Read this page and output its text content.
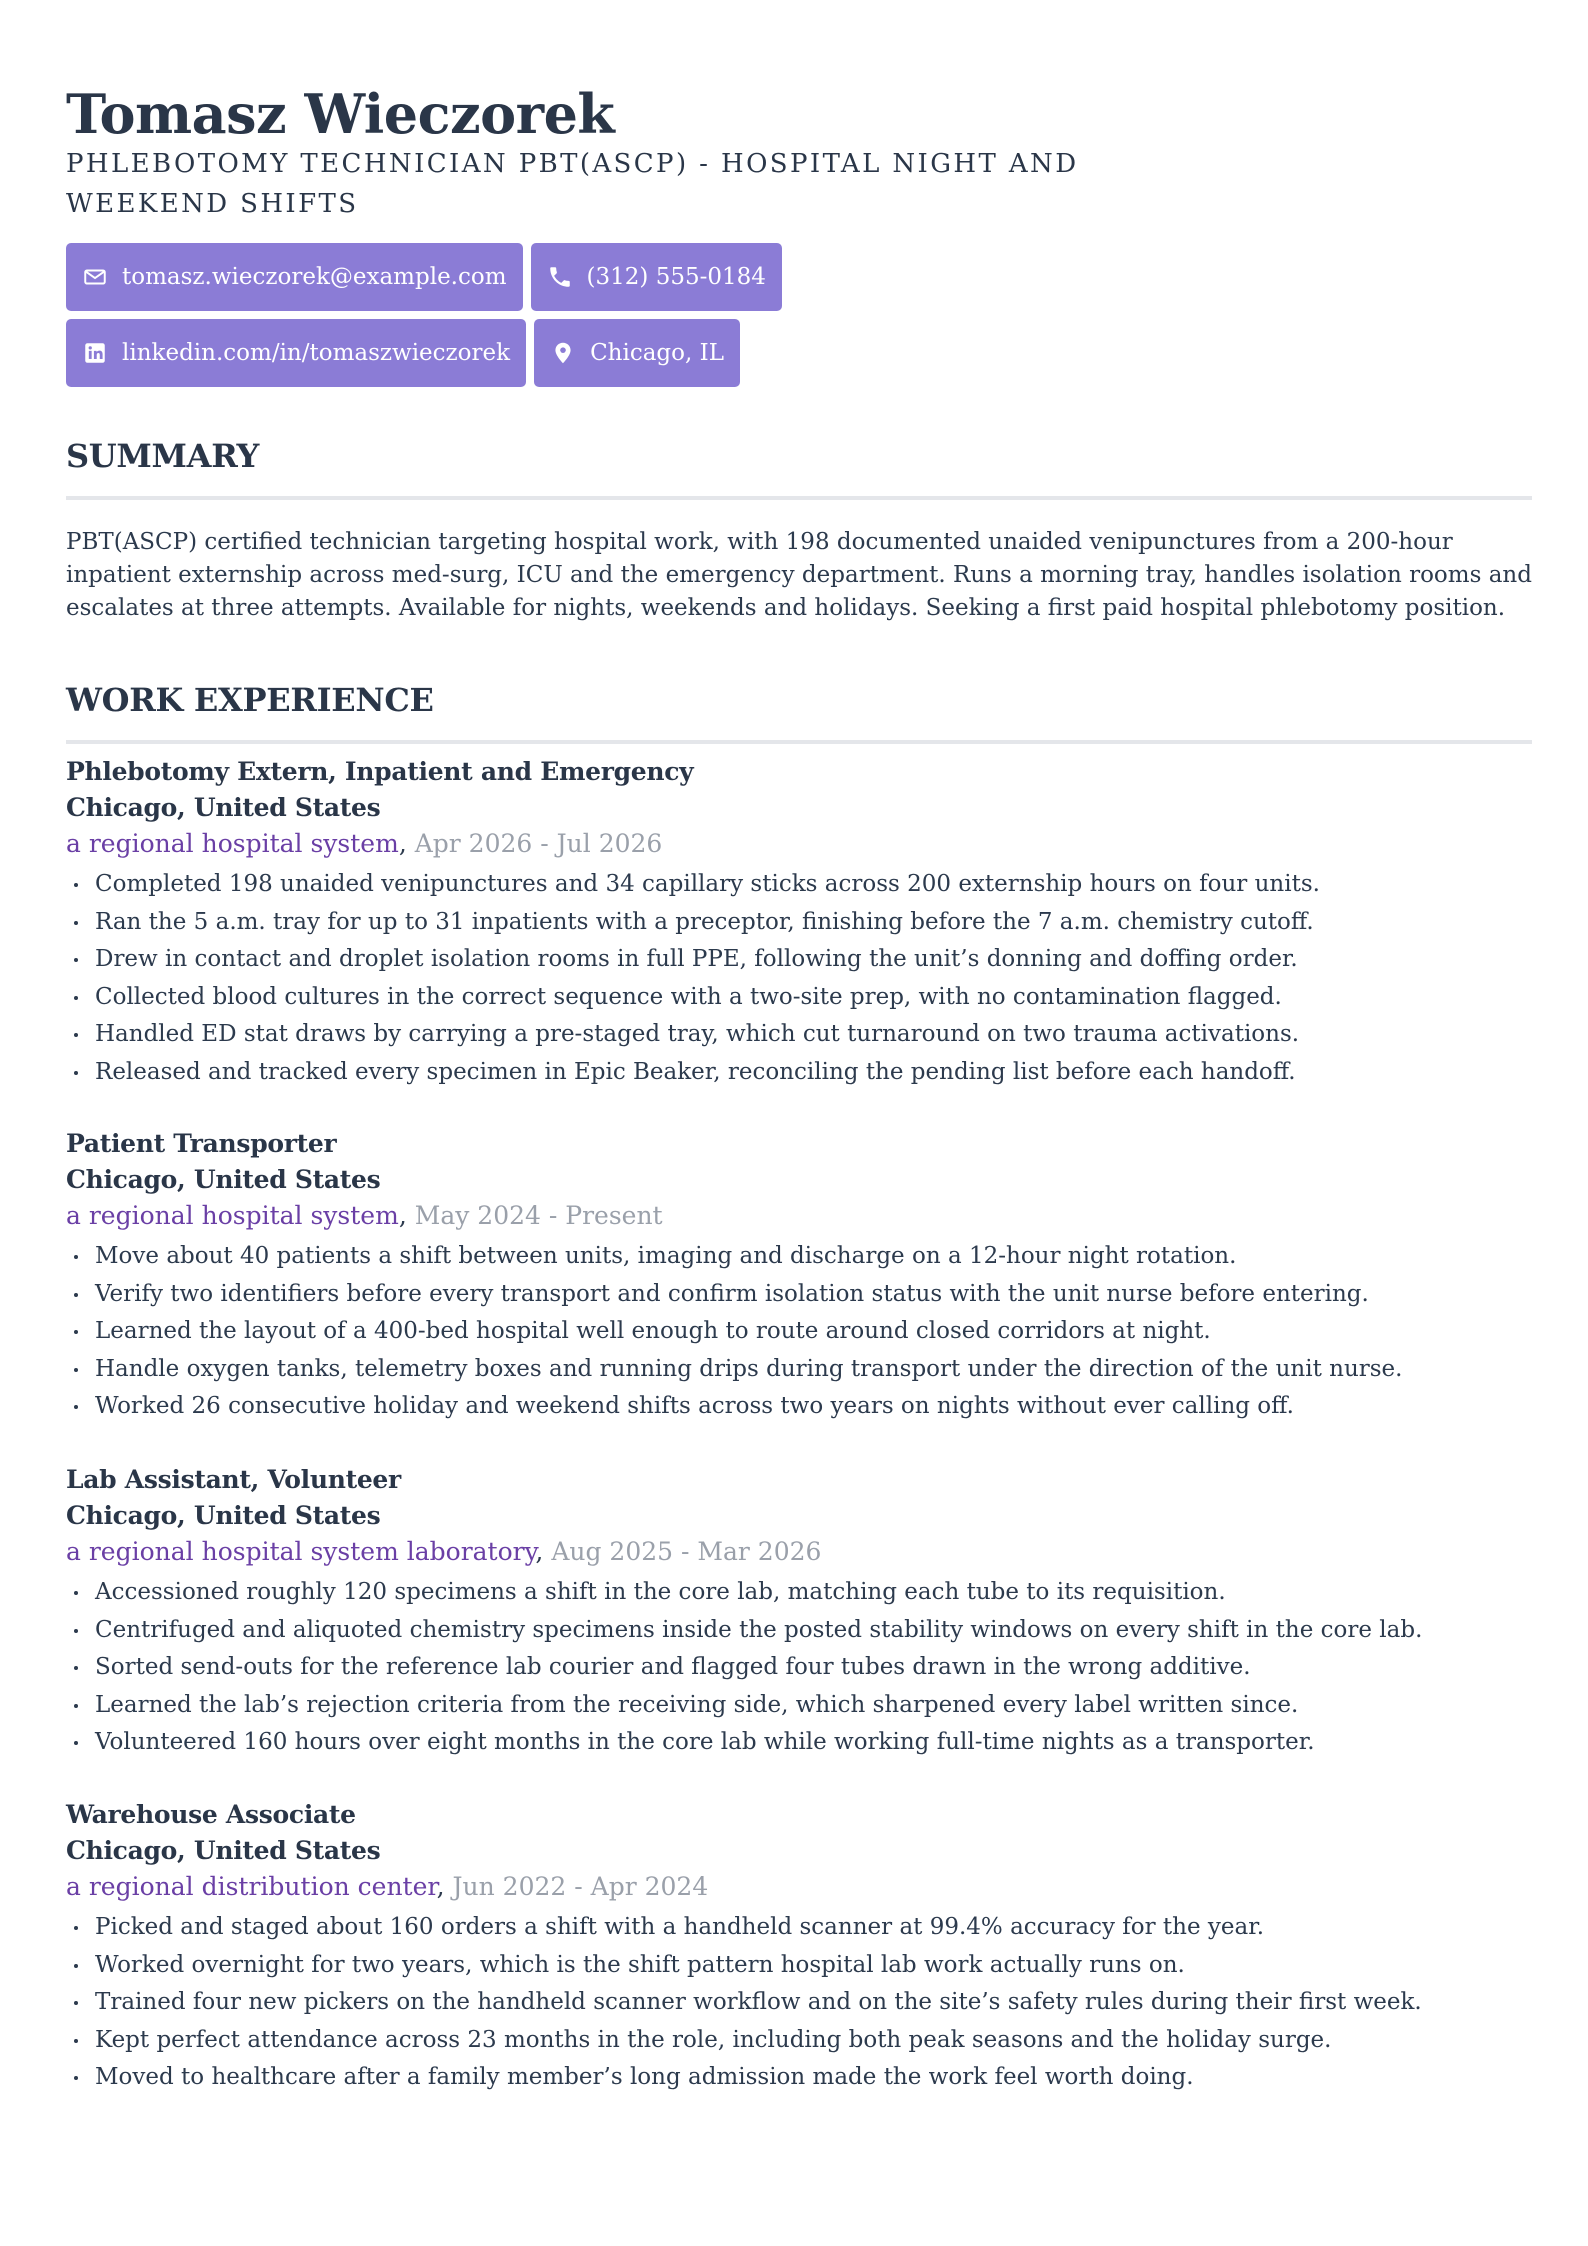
Tomasz Wieczorek

PHLEBOTOMY TECHNICIAN PBT(ASCP) - HOSPITAL NIGHT AND WEEKEND SHIFTS

tomasz.wieczorek@example.com	(312) 555-0184
linkedin.com/in/tomaszwieczorek	Chicago, IL
SUMMARY

PBT(ASCP) certified technician targeting hospital work, with 198 documented unaided venipunctures from a 200-hour inpatient externship across med-surg, ICU and the emergency department. Runs a morning tray, handles isolation rooms and escalates at three attempts. Available for nights, weekends and holidays. Seeking a first paid hospital phlebotomy position.

WORK EXPERIENCE

Phlebotomy Extern, Inpatient and Emergency

Chicago, United States

a regional hospital system, Apr 2026 - Jul 2026

Completed 198 unaided venipunctures and 34 capillary sticks across 200 externship hours on four units.
Ran the 5 a.m. tray for up to 31 inpatients with a preceptor, finishing before the 7 a.m. chemistry cutoff.
Drew in contact and droplet isolation rooms in full PPE, following the unit’s donning and doffing order.
Collected blood cultures in the correct sequence with a two-site prep, with no contamination flagged.
Handled ED stat draws by carrying a pre-staged tray, which cut turnaround on two trauma activations.
Released and tracked every specimen in Epic Beaker, reconciling the pending list before each handoff.

Patient Transporter

Chicago, United States

a regional hospital system, May 2024 - Present

Move about 40 patients a shift between units, imaging and discharge on a 12-hour night rotation.
Verify two identifiers before every transport and confirm isolation status with the unit nurse before entering.
Learned the layout of a 400-bed hospital well enough to route around closed corridors at night.
Handle oxygen tanks, telemetry boxes and running drips during transport under the direction of the unit nurse.
Worked 26 consecutive holiday and weekend shifts across two years on nights without ever calling off.

Lab Assistant, Volunteer

Chicago, United States

a regional hospital system laboratory, Aug 2025 - Mar 2026

Accessioned roughly 120 specimens a shift in the core lab, matching each tube to its requisition.
Centrifuged and aliquoted chemistry specimens inside the posted stability windows on every shift in the core lab.
Sorted send-outs for the reference lab courier and flagged four tubes drawn in the wrong additive.
Learned the lab’s rejection criteria from the receiving side, which sharpened every label written since.
Volunteered 160 hours over eight months in the core lab while working full-time nights as a transporter.

Warehouse Associate

Chicago, United States

a regional distribution center, Jun 2022 - Apr 2024

Picked and staged about 160 orders a shift with a handheld scanner at 99.4% accuracy for the year.
Worked overnight for two years, which is the shift pattern hospital lab work actually runs on.
Trained four new pickers on the handheld scanner workflow and on the site’s safety rules during their first week.
Kept perfect attendance across 23 months in the role, including both peak seasons and the holiday surge.
Moved to healthcare after a family member’s long admission made the work feel worth doing.
